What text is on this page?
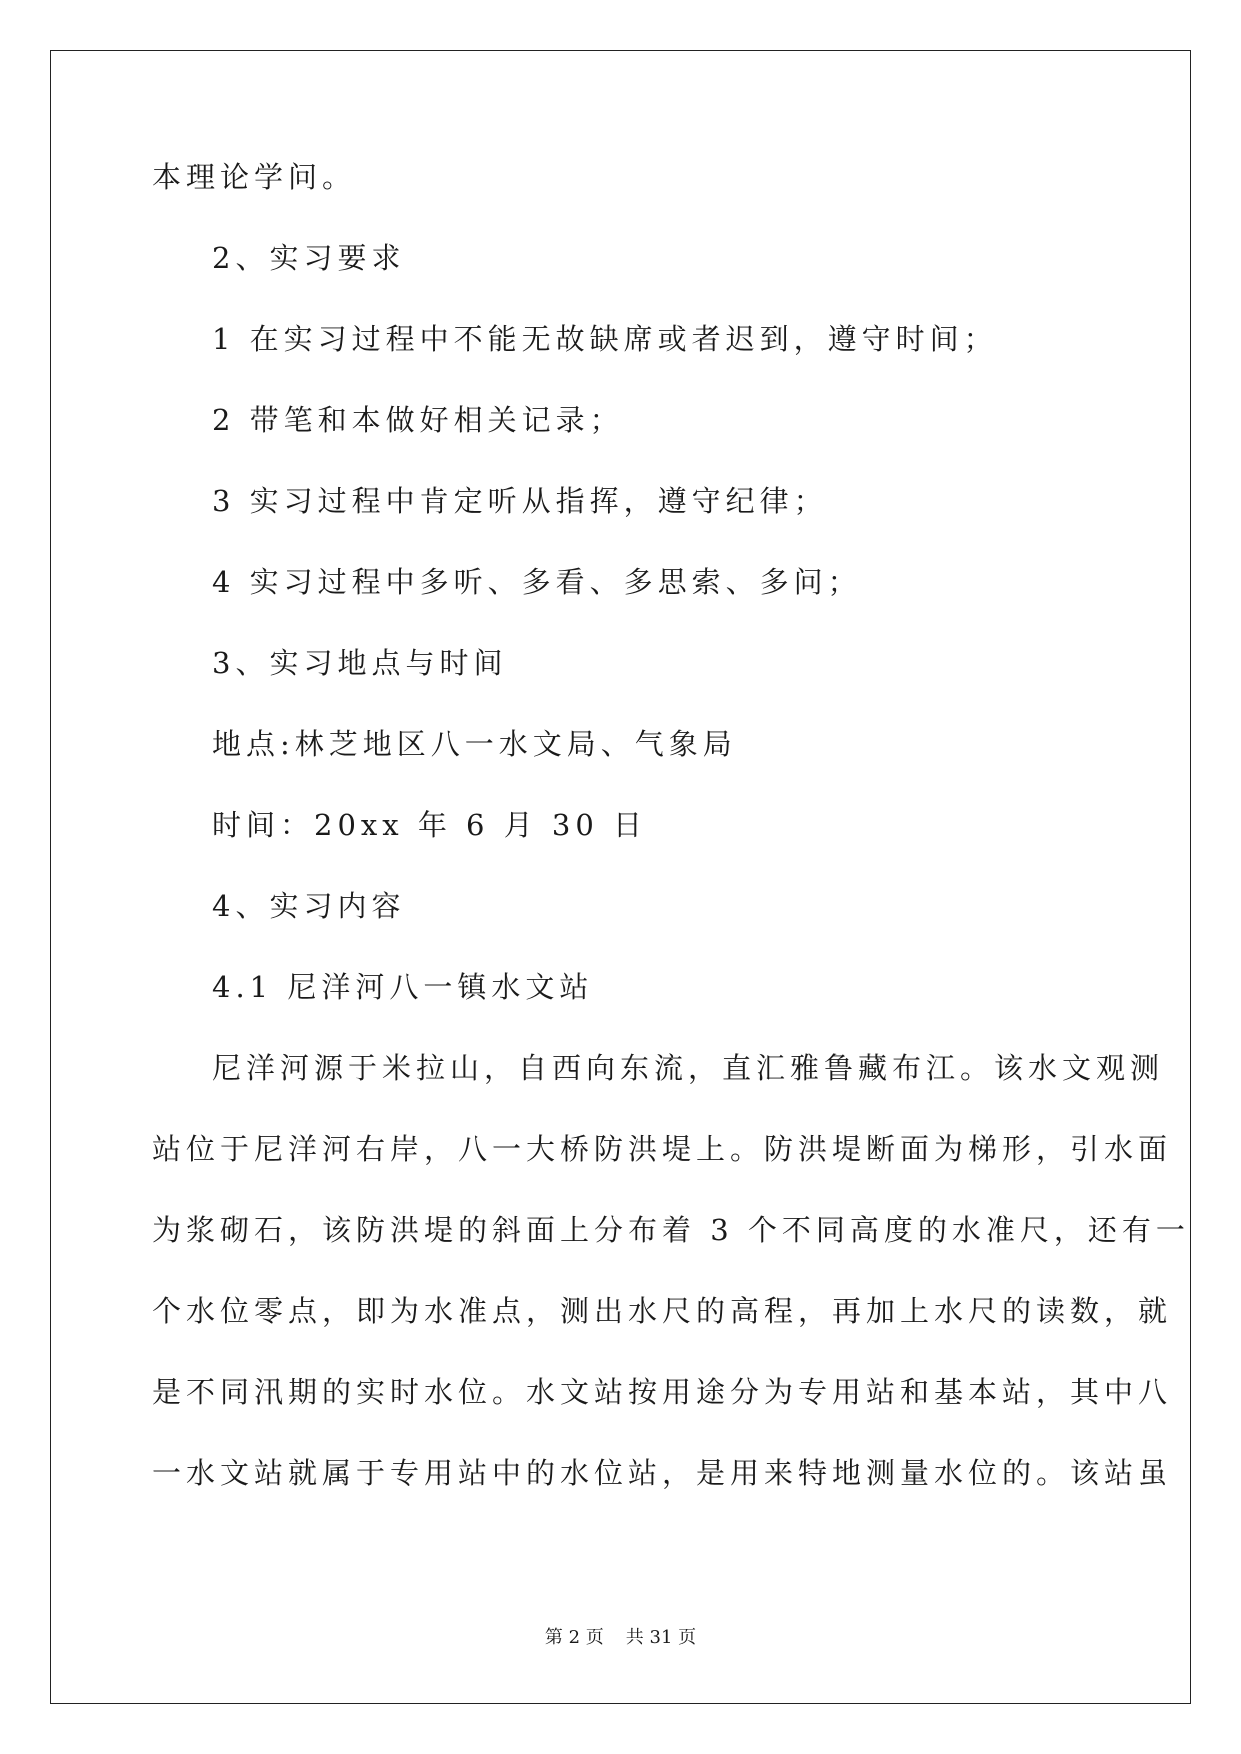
本理论学问。
2、实习要求
1 在实习过程中不能无故缺席或者迟到，遵守时间；
2 带笔和本做好相关记录；
3 实习过程中肯定听从指挥，遵守纪律；
4 实习过程中多听、多看、多思索、多问；
3、实习地点与时间
地点:林芝地区八一水文局、气象局
时间：20xx 年 6 月 30 日
4、实习内容
4.1 尼洋河八一镇水文站
尼洋河源于米拉山，自西向东流，直汇雅鲁藏布江。该水文观测
站位于尼洋河右岸，八一大桥防洪堤上。防洪堤断面为梯形，引水面
为浆砌石，该防洪堤的斜面上分布着 3 个不同高度的水准尺，还有一
个水位零点，即为水准点，测出水尺的高程，再加上水尺的读数，就
是不同汛期的实时水位。水文站按用途分为专用站和基本站，其中八
一水文站就属于专用站中的水位站，是用来特地测量水位的。该站虽
第 2 页 共 31 页
